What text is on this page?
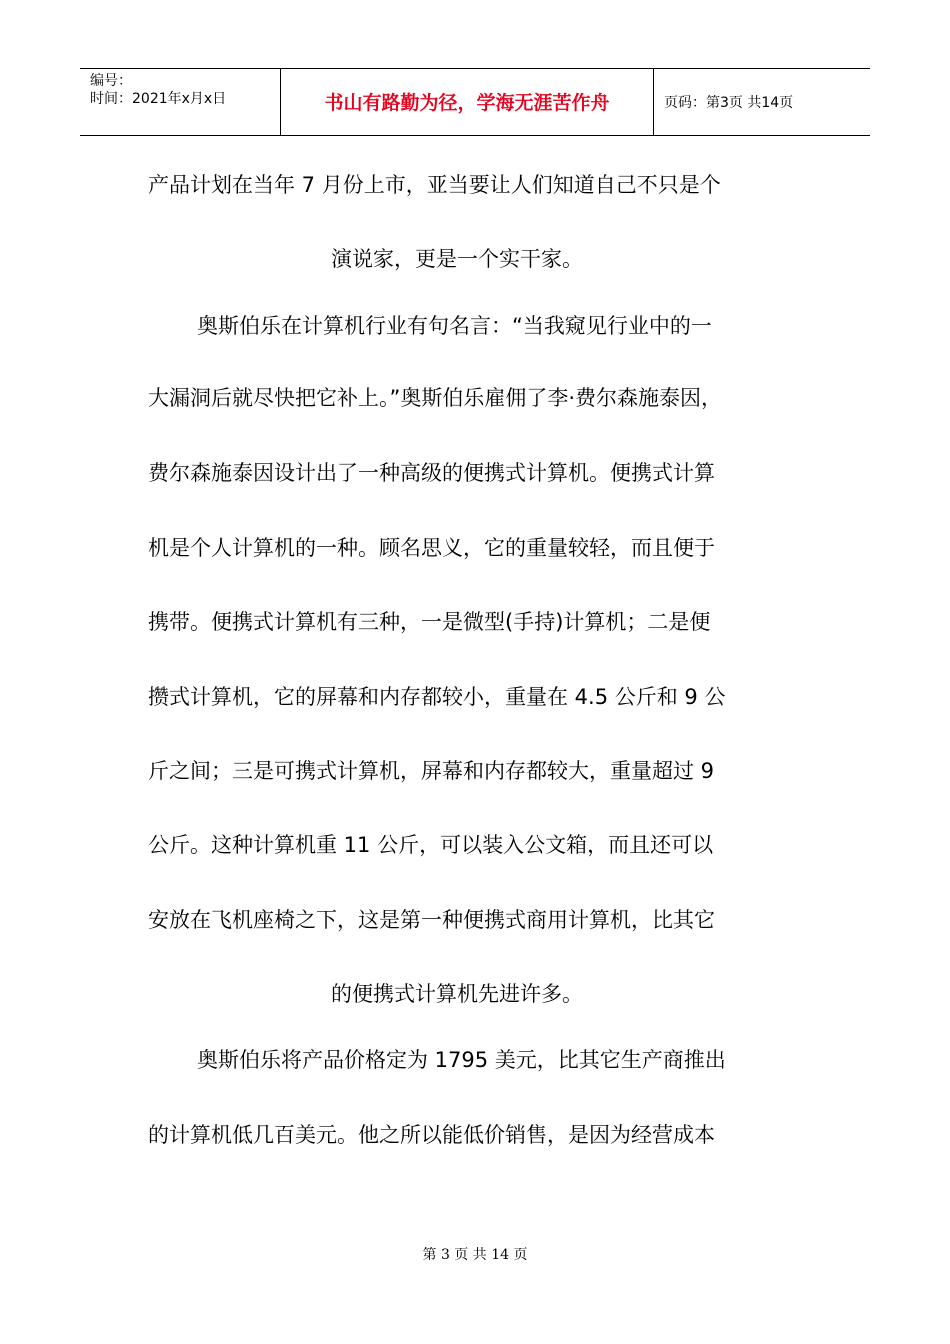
编号：
时间：2021年x月x日	书山有路勤为径，学海无涯苦作舟	页码：第3页 共14页
产品计划在当年 7 月份上市，亚当要让人们知道自己不只是个
演说家，更是一个实干家。
奥斯伯乐在计算机行业有句名言：“当我窥见行业中的一
大漏洞后就尽快把它补上。”奥斯伯乐雇佣了李·费尔森施泰因，
费尔森施泰因设计出了一种高级的便携式计算机。便携式计算
机是个人计算机的一种。顾名思义，它的重量较轻，而且便于
携带。便携式计算机有三种，一是微型(手持)计算机；二是便
攒式计算机，它的屏幕和内存都较小，重量在 4.5 公斤和 9 公
斤之间；三是可携式计算机，屏幕和内存都较大，重量超过 9
公斤。这种计算机重 11 公斤，可以装入公文箱，而且还可以
安放在飞机座椅之下，这是第一种便携式商用计算机，比其它
的便携式计算机先进许多。
奥斯伯乐将产品价格定为 1795 美元，比其它生产商推出
的计算机低几百美元。他之所以能低价销售，是因为经营成本
第 3 页 共 14 页
